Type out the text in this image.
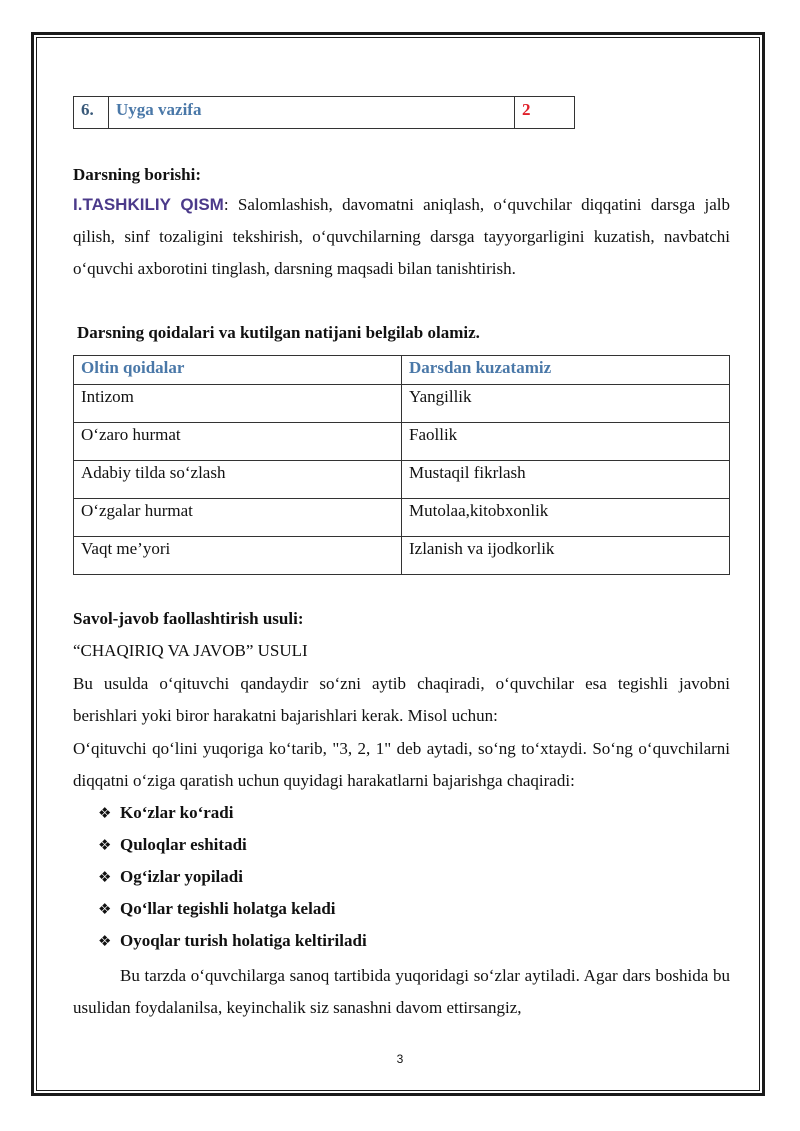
6.	Uyga vazifa	2
Darsning borishi:
I.TASHKILIY QISM: Salomlashish, davomatni aniqlash, o‘quvchilar diqqatini darsga jalb qilish, sinf tozaligini tekshirish, o‘quvchilarning darsga tayyorgarligini kuzatish, navbatchi o‘quvchi axborotini tinglash, darsning maqsadi bilan tanishtirish.
Darsning qoidalari va kutilgan natijani belgilab olamiz.
Oltin qoidalar	Darsdan kuzatamiz
Intizom	Yangillik
O‘zaro hurmat	Faollik
Adabiy tilda so‘zlash	Mustaqil fikrlash
O‘zgalar hurmat	Mutolaa,kitobxonlik
Vaqt me’yori	Izlanish va ijodkorlik
Savol-javob faollashtirish usuli:
“CHAQIRIQ VA JAVOB” USULI
Bu usulda o‘qituvchi qandaydir so‘zni aytib chaqiradi, o‘quvchilar esa tegishli javobni berishlari yoki biror harakatni bajarishlari kerak. Misol uchun:
O‘qituvchi qo‘lini yuqoriga ko‘tarib, "3, 2, 1" deb aytadi, so‘ng to‘xtaydi. So‘ng o‘quvchilarni diqqatni o‘ziga qaratish uchun quyidagi harakatlarni bajarishga chaqiradi:
❖ Ko‘zlar ko‘radi
❖ Quloqlar eshitadi
❖ Og‘izlar yopiladi
❖ Qo‘llar tegishli holatga keladi
❖ Oyoqlar turish holatiga keltiriladi
Bu tarzda o‘quvchilarga sanoq tartibida yuqoridagi so‘zlar aytiladi. Agar dars boshida bu usulidan foydalanilsa, keyinchalik siz sanashni davom ettirsangiz,
3
